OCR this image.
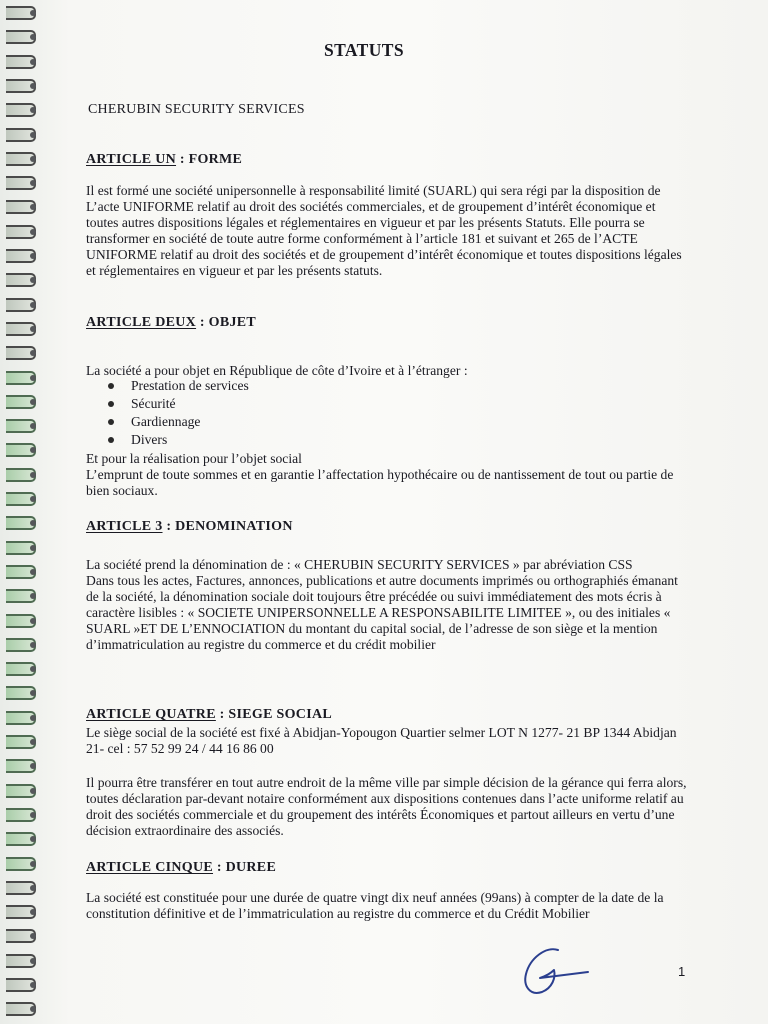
STATUTS
CHERUBIN SECURITY SERVICES
ARTICLE UN : FORME

Il est formé une société unipersonnelle à responsabilité limité (SUARL) qui sera régi par la disposition de L’acte UNIFORME relatif au droit des sociétés commerciales, et de groupement d’intérêt économique et toutes autres dispositions légales et réglementaires en vigueur et par les présents Statuts. Elle pourra se transformer en société de toute autre forme conformément à l’article 181 et suivant et 265 de l’ACTE UNIFORME relatif au droit des sociétés et de groupement d’intérêt économique et toutes dispositions légales et réglementaires en vigueur et par les présents statuts.

ARTICLE DEUX : OBJET

La société a pour objet en République de côte d’Ivoire et à l’étranger :

Prestation de services
Sécurité
Gardiennage
Divers

Et pour la réalisation pour l’objet social
L’emprunt de toute sommes et en garantie l’affectation hypothécaire ou de nantissement de tout ou partie de bien sociaux.

ARTICLE 3 : DENOMINATION

La société prend la dénomination de : « CHERUBIN SECURITY SERVICES » par abréviation CSS
Dans tous les actes, Factures, annonces, publications et autre documents imprimés ou orthographiés émanant de la société, la dénomination sociale doit toujours être précédée ou suivi immédiatement des mots écris à caractère lisibles : « SOCIETE UNIPERSONNELLE A RESPONSABILITE LIMITEE », ou des initiales « SUARL »ET DE L’ENNOCIATION du montant du capital social, de l’adresse de son siège et la mention d’immatriculation au registre du commerce et du crédit mobilier

ARTICLE QUATRE : SIEGE SOCIAL

Le siège social de la société est fixé à Abidjan-Yopougon Quartier selmer LOT N 1277- 21 BP 1344 Abidjan 21- cel : 57 52 99 24 / 44 16 86 00

Il pourra être transférer en tout autre endroit de la même ville par simple décision de la gérance qui ferra alors, toutes déclaration par-devant notaire conformément aux dispositions contenues dans l’acte uniforme relatif au droit des sociétés commerciale et du groupement des intérêts Économiques et partout ailleurs en vertu d’une décision extraordinaire des associés.

ARTICLE CINQUE : DUREE

La société est constituée pour une durée de quatre vingt dix neuf années (99ans) à compter de la date de la constitution définitive et de l’immatriculation au registre du commerce et du Crédit Mobilier

1
